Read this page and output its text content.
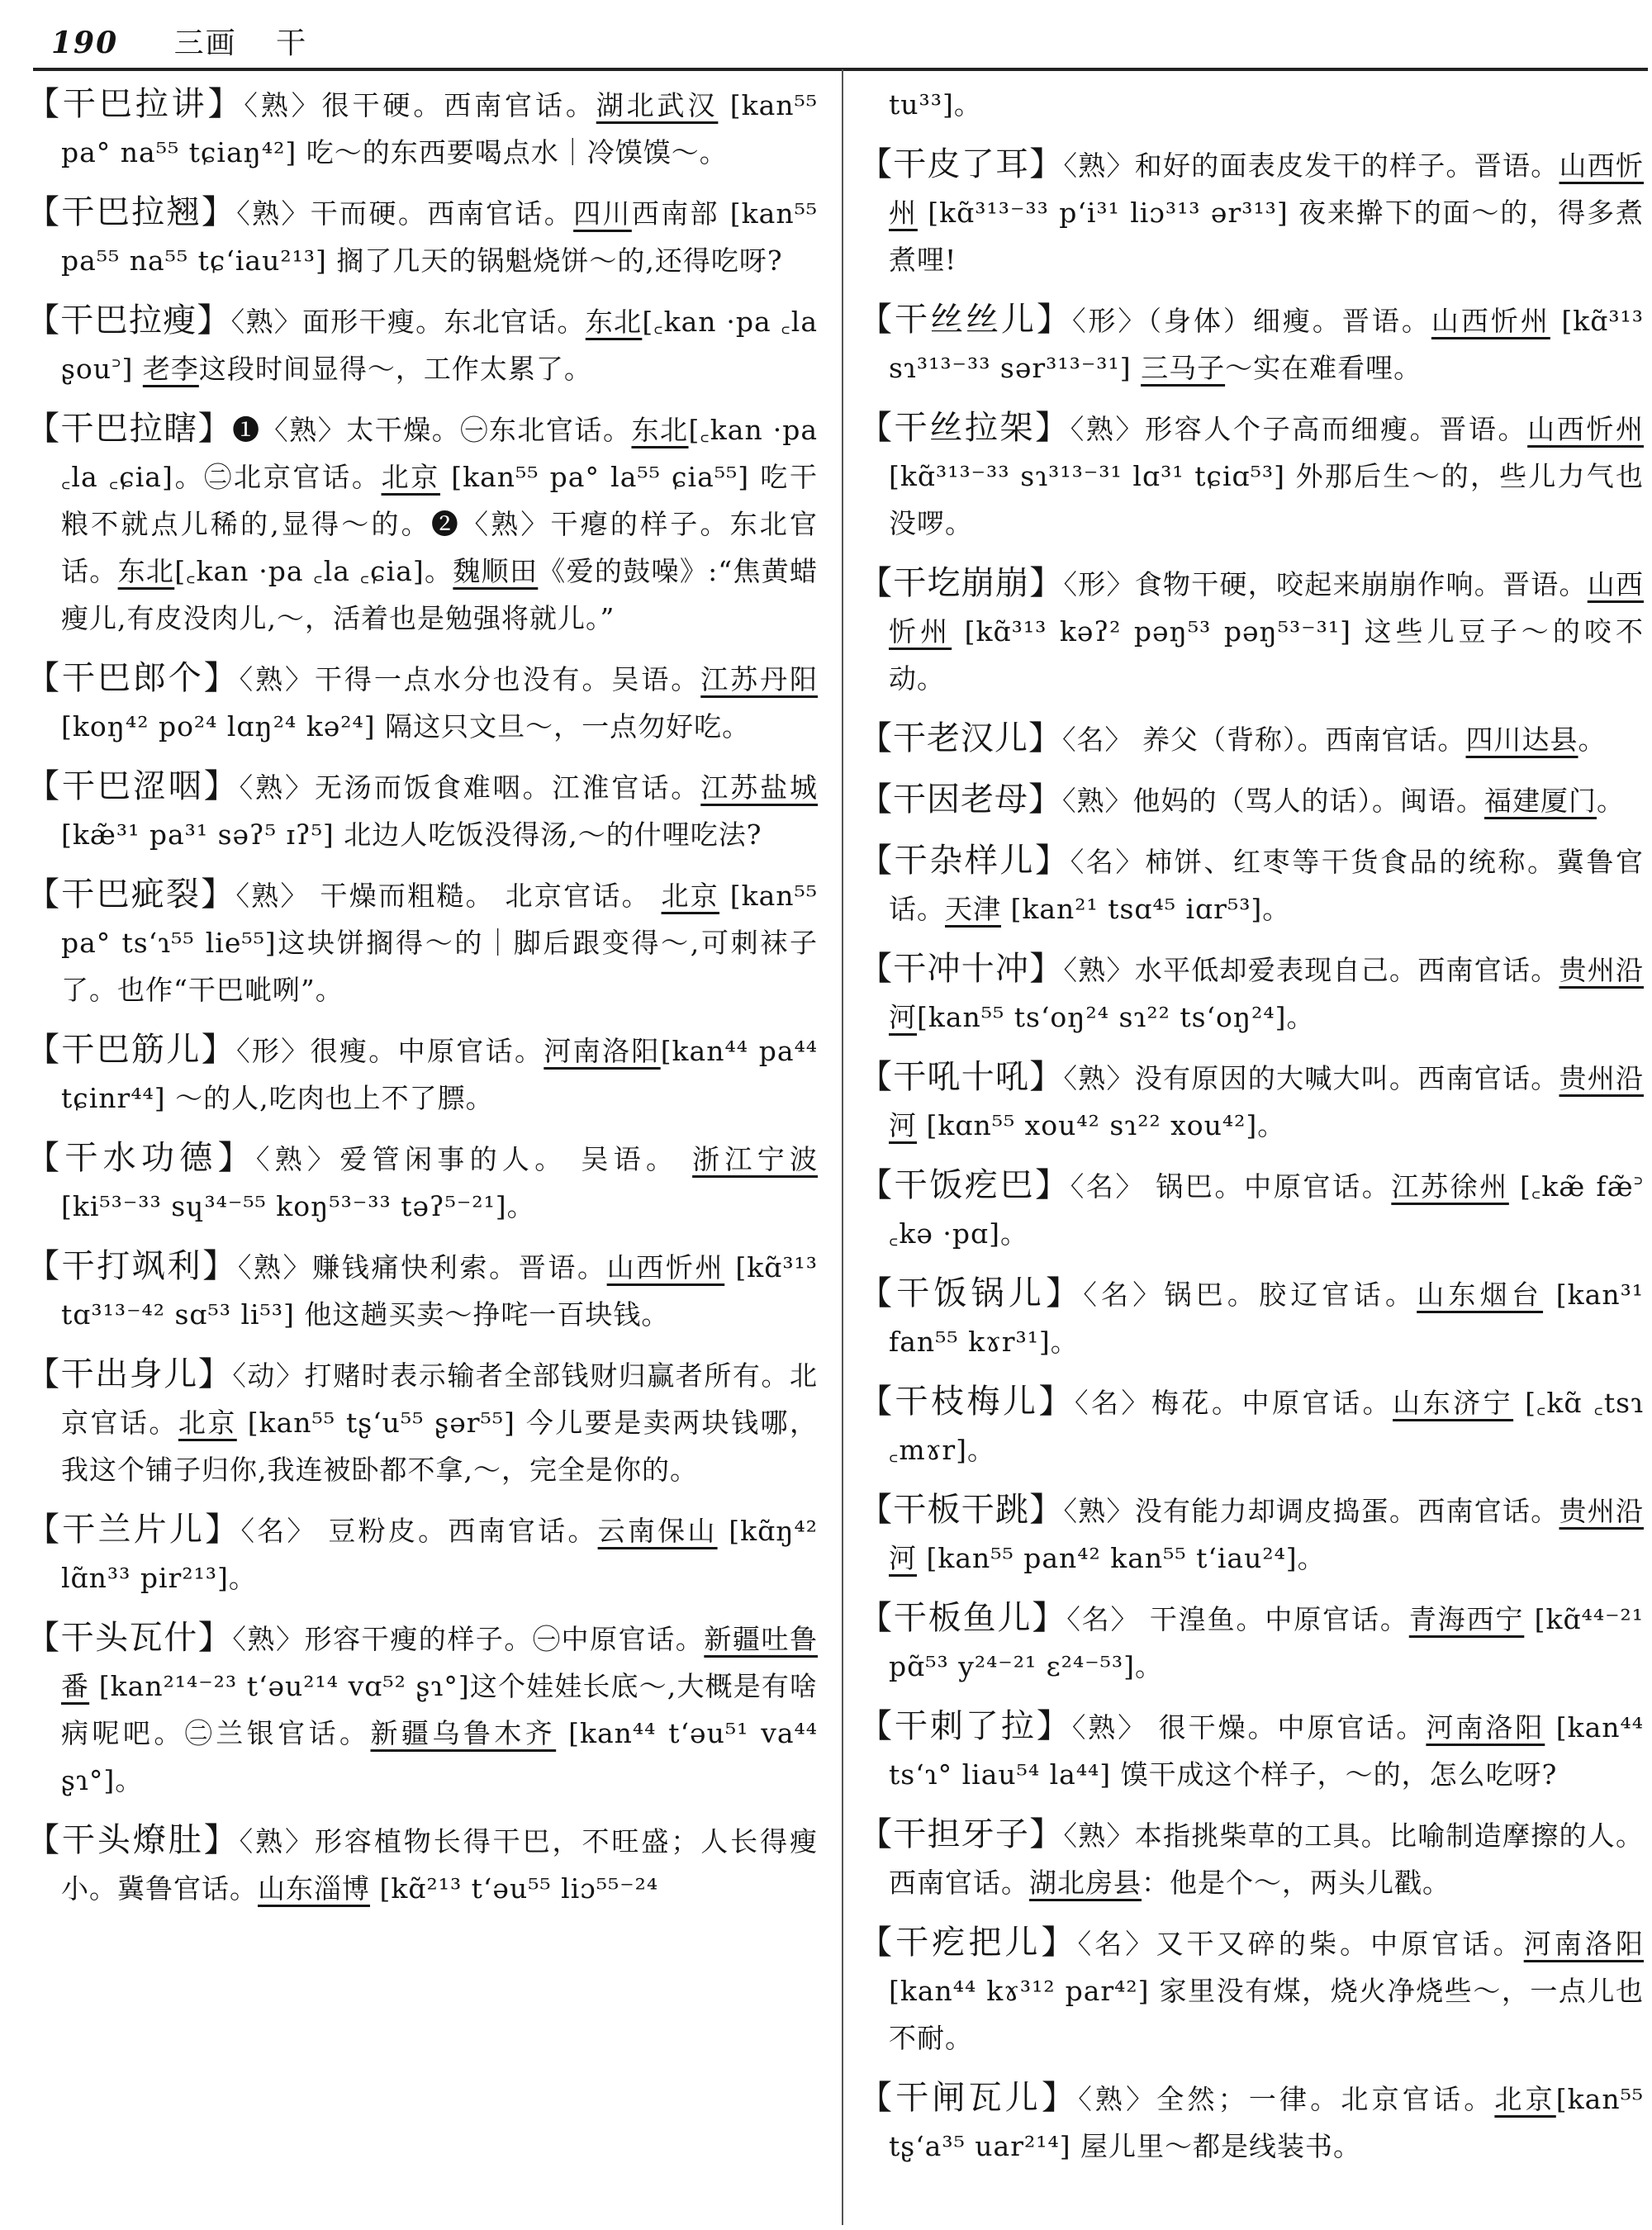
190 三画 干
【 干巴拉讲 】 〈熟〉很干硬。西南官话。湖北武汉 [kan⁵⁵ pa° na⁵⁵ tɕiaŋ⁴²] 吃～的东西要喝点水｜冷馍馍～。
【 干巴拉翘 】 〈熟〉干而硬。西南官话。四川西南部 [kan⁵⁵ pa⁵⁵ na⁵⁵ tɕ‘iau²¹³] 搁了几天的锅魁烧饼～的,还得吃呀?
【 干巴拉瘦 】 〈熟〉面形干瘦。东北官话。东北[꜀kan ·pa ꜀la ʂou꜄] 老李这段时间显得～，工作太累了。
【 干巴拉瞎 】 ❶〈熟〉太干燥。㊀东北官话。东北[꜀kan ·pa ꜀la ꜀ɕia]。㊁北京官话。北京 [kan⁵⁵ pa° la⁵⁵ ɕia⁵⁵] 吃干粮不就点儿稀的,显得～的。❷〈熟〉干瘪的样子。东北官话。东北[꜀kan ·pa ꜀la ꜀ɕia]。魏顺田《爱的鼓噪》:“焦黄蜡瘦儿,有皮没肉儿,～，活着也是勉强将就儿。”
【 干巴郎个 】 〈熟〉干得一点水分也没有。吴语。江苏丹阳 [koŋ⁴² po²⁴ lɑŋ²⁴ kə²⁴] 隔这只文旦～，一点勿好吃。
【 干巴涩咽 】 〈熟〉无汤而饭食难咽。江淮官话。江苏盐城 [kæ̃³¹ pa³¹ səʔ⁵ ɪʔ⁵] 北边人吃饭没得汤,～的什哩吃法?
【 干巴疵裂 】 〈熟〉 干燥而粗糙。 北京官话。 北京 [kan⁵⁵ pa° ts‘ɿ⁵⁵ lie⁵⁵]这块饼搁得～的｜脚后跟变得～,可刺袜子了。也作“干巴呲咧”。
【 干巴筋儿 】 〈形〉很瘦。中原官话。河南洛阳[kan⁴⁴ pa⁴⁴ tɕinr⁴⁴] ～的人,吃肉也上不了膘。
【 干水功德 】 〈熟〉爱管闲事的人。 吴语。 浙江宁波 [ki⁵³⁻³³ sɥ³⁴⁻⁵⁵ koŋ⁵³⁻³³ təʔ⁵⁻²¹]。
【 干打飒利 】 〈熟〉赚钱痛快利索。晋语。山西忻州 [kɑ̃³¹³ tɑ³¹³⁻⁴² sɑ⁵³ li⁵³] 他这趟买卖～挣咤一百块钱。
【 干出身儿 】 〈动〉打赌时表示输者全部钱财归赢者所有。北京官话。北京 [kan⁵⁵ tʂ‘u⁵⁵ ʂər⁵⁵] 今儿要是卖两块钱哪，我这个铺子归你,我连被卧都不拿,～，完全是你的。
【 干兰片儿 】 〈名〉 豆粉皮。西南官话。云南保山 [kɑ̃ŋ⁴² lɑ̃n³³ pir²¹³]。
【 干头瓦什 】 〈熟〉形容干瘦的样子。㊀中原官话。新疆吐鲁番 [kan²¹⁴⁻²³ t‘əu²¹⁴ vɑ⁵² ʂɿ°]这个娃娃长底～,大概是有啥病呢吧。㊁兰银官话。新疆乌鲁木齐 [kan⁴⁴ t‘əu⁵¹ va⁴⁴ ʂɿ°]。
【 干头燎肚 】 〈熟〉形容植物长得干巴，不旺盛；人长得瘦小。冀鲁官话。山东淄博 [kɑ̃²¹³ t‘əu⁵⁵ liɔ⁵⁵⁻²⁴
tu³³]。
【 干皮了耳 】 〈熟〉和好的面表皮发干的样子。晋语。山西忻州 [kɑ̃³¹³⁻³³ p‘i³¹ liɔ³¹³ ər³¹³] 夜来擀下的面～的，得多煮煮哩!
【 干丝丝儿 】 〈形〉（身体）细瘦。晋语。山西忻州 [kɑ̃³¹³ sɿ³¹³⁻³³ sər³¹³⁻³¹] 三马子～实在难看哩。
【 干丝拉架 】 〈熟〉形容人个子高而细瘦。晋语。山西忻州 [kɑ̃³¹³⁻³³ sɿ³¹³⁻³¹ lɑ³¹ tɕiɑ⁵³] 外那后生～的，些儿力气也没啰。
【 干圪崩崩 】 〈形〉食物干硬，咬起来崩崩作响。晋语。山西忻州 [kɑ̃³¹³ kəʔ² pəŋ⁵³ pəŋ⁵³⁻³¹] 这些儿豆子～的咬不动。
【 干老汉儿 】 〈名〉 养父（背称）。西南官话。四川达县。
【 干因老母 】 〈熟〉他妈的（骂人的话）。闽语。福建厦门。
【 干杂样儿 】 〈名〉柿饼、红枣等干货食品的统称。冀鲁官话。天津 [kan²¹ tsɑ⁴⁵ iɑr⁵³]。
【 干冲十冲 】 〈熟〉水平低却爱表现自己。西南官话。贵州沿河[kan⁵⁵ ts‘oŋ²⁴ sɿ²² ts‘oŋ²⁴]。
【 干吼十吼 】 〈熟〉没有原因的大喊大叫。西南官话。贵州沿河 [kɑn⁵⁵ xou⁴² sɿ²² xou⁴²]。
【 干饭疙巴 】 〈名〉 锅巴。中原官话。江苏徐州 [꜀kæ̃ fæ̃꜄ ꜀kə ·pɑ]。
【 干饭锅儿 】 〈名〉锅巴。胶辽官话。山东烟台 [kan³¹ fan⁵⁵ kɤr³¹]。
【 干枝梅儿 】 〈名〉梅花。中原官话。山东济宁 [꜀kɑ̃ ꜀tsɿ ꜀mɤr]。
【 干板干跳 】 〈熟〉没有能力却调皮捣蛋。西南官话。贵州沿河 [kan⁵⁵ pan⁴² kan⁵⁵ t‘iau²⁴]。
【 干板鱼儿 】 〈名〉 干湟鱼。中原官话。青海西宁 [kɑ̃⁴⁴⁻²¹ pɑ̃⁵³ y²⁴⁻²¹ ɛ²⁴⁻⁵³]。
【 干刺了拉 】 〈熟〉 很干燥。中原官话。河南洛阳 [kan⁴⁴ ts‘ɿ° liau⁵⁴ la⁴⁴] 馍干成这个样子，～的，怎么吃呀?
【 干担牙子 】 〈熟〉本指挑柴草的工具。比喻制造摩擦的人。西南官话。湖北房县：他是个～，两头儿戳。
【 干疙把儿 】 〈名〉又干又碎的柴。中原官话。河南洛阳 [kan⁴⁴ kɤ³¹² par⁴²] 家里没有煤，烧火净烧些～，一点儿也不耐。
【 干闸瓦儿 】 〈熟〉全然；一律。北京官话。北京[kan⁵⁵ tʂ‘a³⁵ uar²¹⁴] 屋儿里～都是线装书。
